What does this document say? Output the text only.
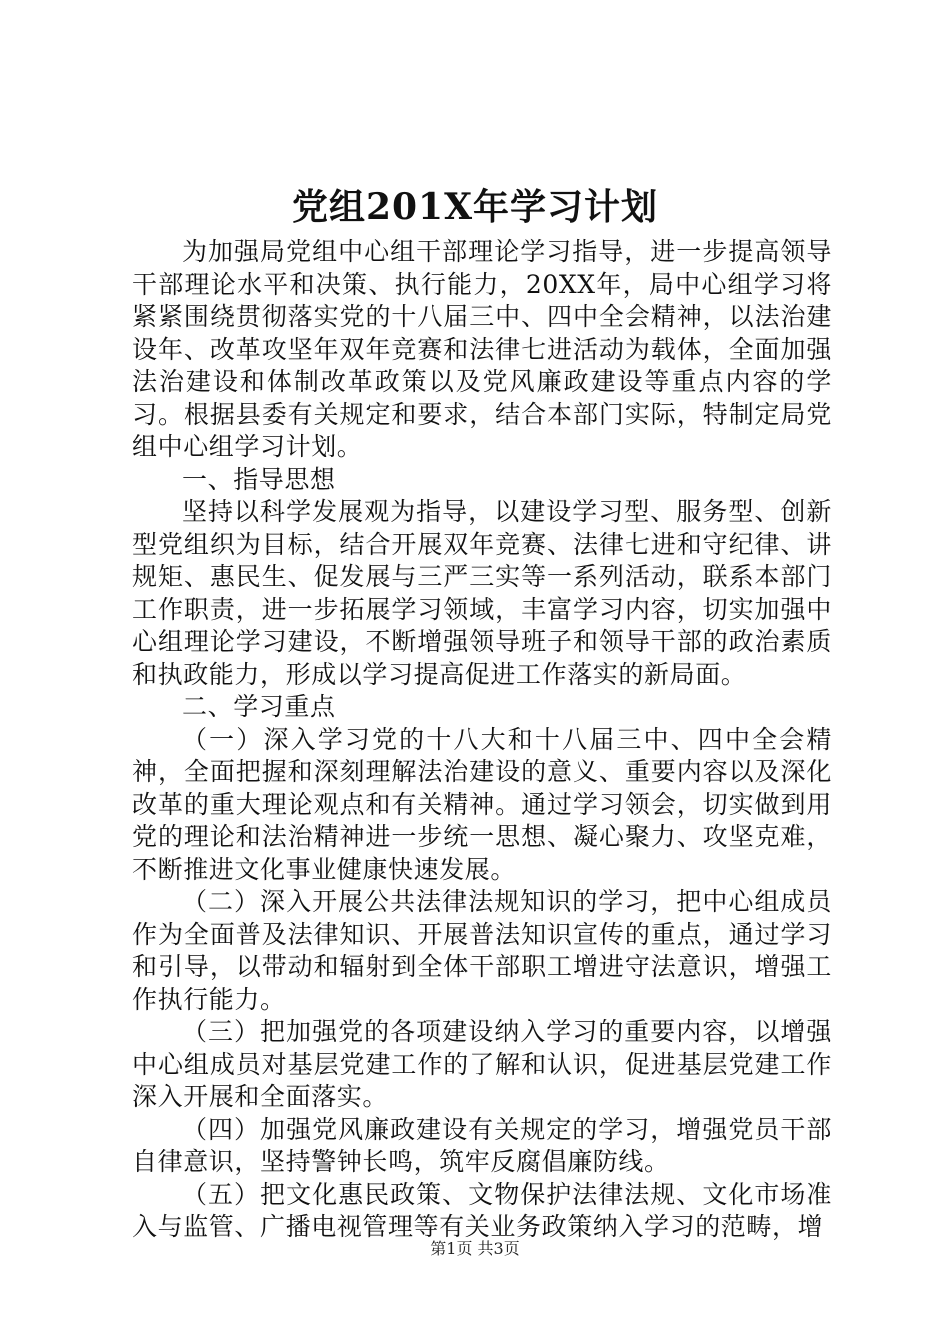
党组201X年学习计划

为加强局党组中心组干部理论学习指导，进一步提高领导干部理论水平和决策、执行能力，20XX年，局中心组学习将紧紧围绕贯彻落实党的十八届三中、四中全会精神，以法治建设年、改革攻坚年双年竞赛和法律七进活动为载体，全面加强法治建设和体制改革政策以及党风廉政建设等重点内容的学习。根据县委有关规定和要求，结合本部门实际，特制定局党组中心组学习计划。

一、指导思想

坚持以科学发展观为指导，以建设学习型、服务型、创新型党组织为目标，结合开展双年竞赛、法律七进和守纪律、讲规矩、惠民生、促发展与三严三实等一系列活动，联系本部门工作职责，进一步拓展学习领域，丰富学习内容，切实加强中心组理论学习建设，不断增强领导班子和领导干部的政治素质和执政能力，形成以学习提高促进工作落实的新局面。

二、学习重点

（一）深入学习党的十八大和十八届三中、四中全会精神，全面把握和深刻理解法治建设的意义、重要内容以及深化改革的重大理论观点和有关精神。通过学习领会，切实做到用党的理论和法治精神进一步统一思想、凝心聚力、攻坚克难，不断推进文化事业健康快速发展。

（二）深入开展公共法律法规知识的学习，把中心组成员作为全面普及法律知识、开展普法知识宣传的重点，通过学习和引导，以带动和辐射到全体干部职工增进守法意识，增强工作执行能力。

（三）把加强党的各项建设纳入学习的重要内容，以增强中心组成员对基层党建工作的了解和认识，促进基层党建工作深入开展和全面落实。

（四）加强党风廉政建设有关规定的学习，增强党员干部自律意识，坚持警钟长鸣，筑牢反腐倡廉防线。

（五）把文化惠民政策、文物保护法律法规、文化市场准入与监管、广播电视管理等有关业务政策纳入学习的范畴，增

第1页 共3页
